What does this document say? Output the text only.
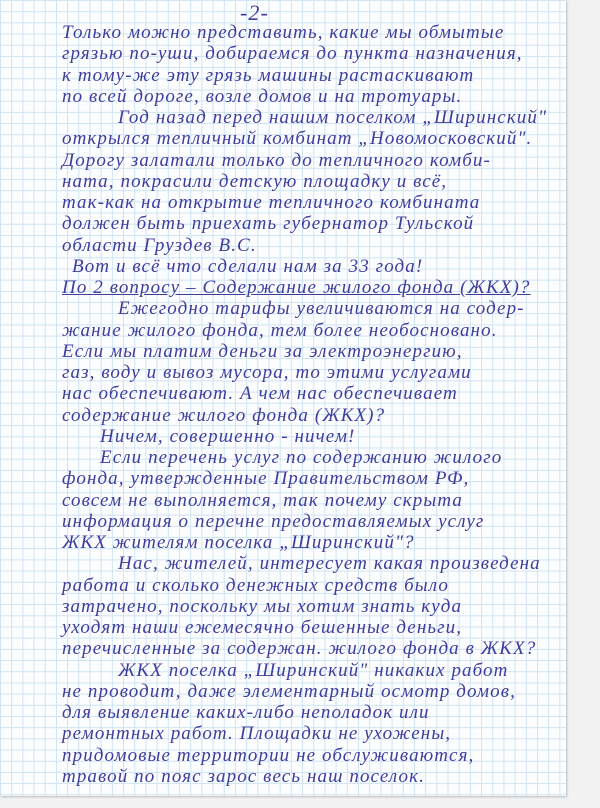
-2-
Только можно представить, какие мы обмытые
грязью по-уши, добираемся до пункта назначения,
к тому-же эту грязь машины растаскивают
по всей дороге, возле домов и на тротуары.
Год назад перед нашим поселком „Ширинский"
открылся тепличный комбинат „Новомосковский".
Дорогу залатали только до тепличного комби-
ната, покрасили детскую площадку и всё,
так-как на открытие тепличного комбината
должен быть приехать губернатор Тульской
области Груздев В.С.
Вот и всё что сделали нам за 33 года!
По 2 вопросу – Содержание жилого фонда (ЖКХ)?
Ежегодно тарифы увеличиваются на содер-
жание жилого фонда, тем более необосновано.
Если мы платим деньги за электроэнергию,
газ, воду и вывоз мусора, то этими услугами
нас обеспечивают. А чем нас обеспечивает
содержание жилого фонда (ЖКХ)?
Ничем, совершенно - ничем!
Если перечень услуг по содержанию жилого
фонда, утвержденные Правительством РФ,
совсем не выполняется, так почему скрыта
информация о перечне предоставляемых услуг
ЖКХ жителям поселка „Ширинский"?
Нас, жителей, интересует какая произведена
работа и сколько денежных средств было
затрачено, поскольку мы хотим знать куда
уходят наши ежемесячно бешенные деньги,
перечисленные за содержан. жилого фонда в ЖКХ?
ЖКХ поселка „Ширинский" никаких работ
не проводит, даже элементарный осмотр домов,
для выявление каких-либо неполадок или
ремонтных работ. Площадки не ухожены,
придомовые территории не обслуживаются,
травой по пояс зарос весь наш поселок.
